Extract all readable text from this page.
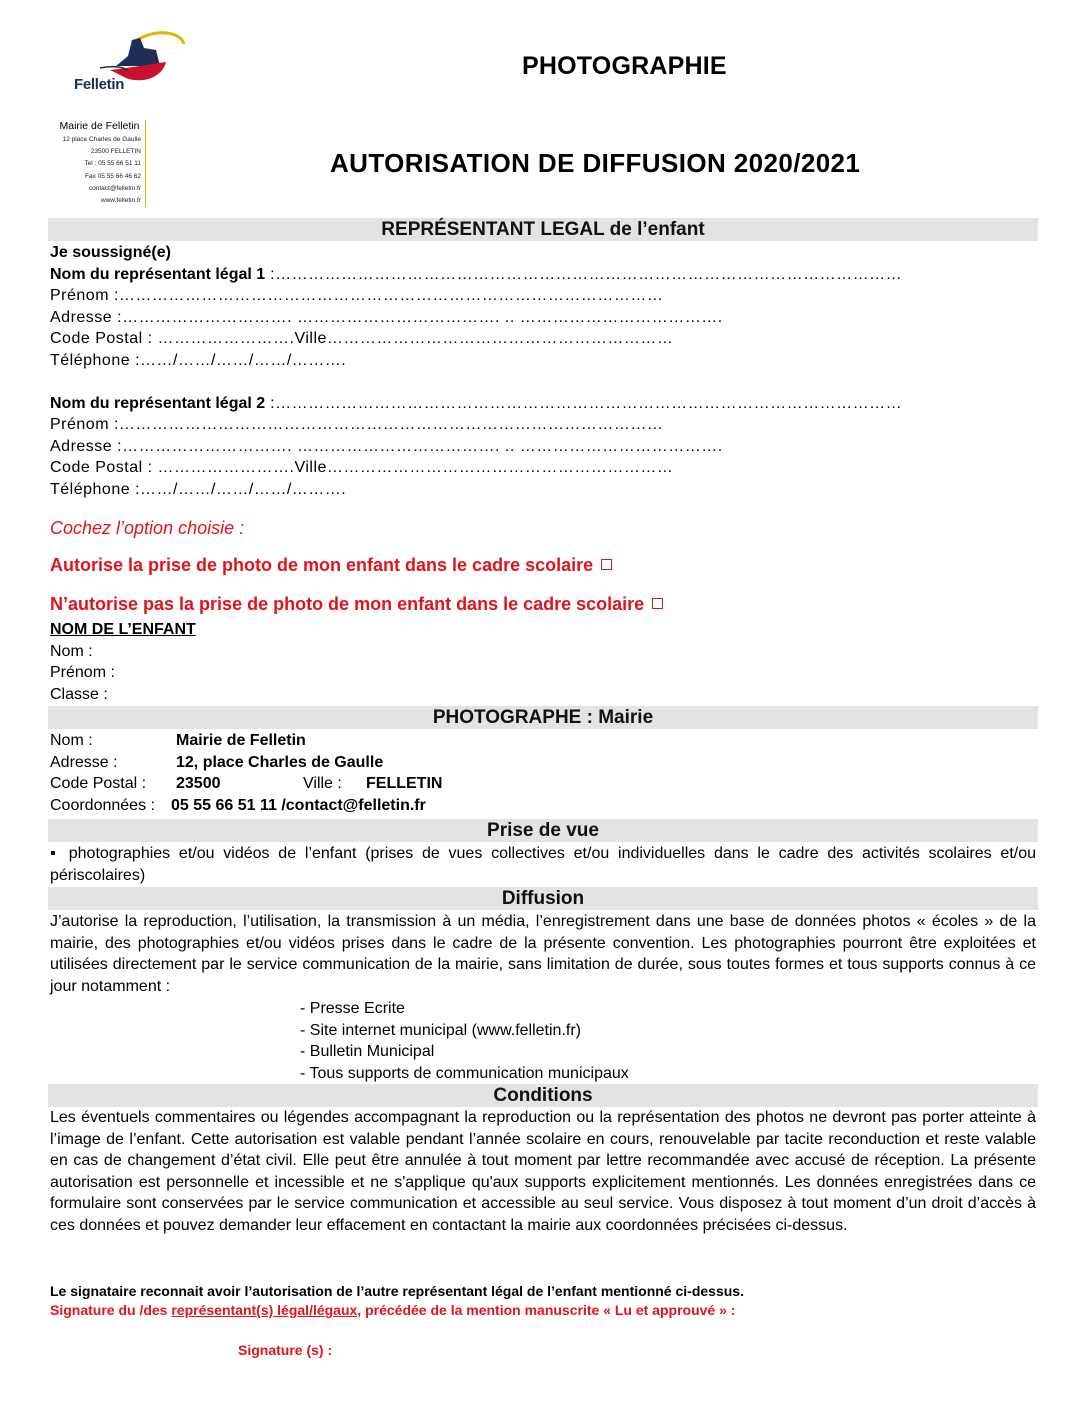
Felletin
Mairie de Felletin
12 place Charles de Gaulle
23500 FELLETIN
Tel : 05 55 66 51 11
Fax 05 55 66 46 62
contact@felletin.fr
www.felletin.fr
PHOTOGRAPHIE
AUTORISATION DE DIFFUSION 2020/2021
REPRÉSENTANT LEGAL de l’enfant
Je soussigné(e)
Nom du représentant légal 1 :……………………………………………………………………………………………………
Prénom :………………………………………………………………………………………
Adresse :…………………………. ………………………………. .. ……………………………….
Code Postal : …………………….Ville………………………………………………………
Téléphone :……/……/……/……/……….
Nom du représentant légal 2 :……………………………………………………………………………………………………
Prénom :………………………………………………………………………………………
Adresse :…………………………. ………………………………. .. ……………………………….
Code Postal : …………………….Ville………………………………………………………
Téléphone :……/……/……/……/……….
Cochez l’option choisie :
Autorise la prise de photo de mon enfant dans le cadre scolaire
N’autorise pas la prise de photo de mon enfant dans le cadre scolaire
NOM DE L’ENFANT
Nom :
Prénom :
Classe :
PHOTOGRAPHE : Mairie
Nom :	Mairie de Felletin
Adresse :	12, place Charles de Gaulle
Code Postal : 23500	Ville : FELLETIN
Coordonnées : 05 55 66 51 11 /contact@felletin.fr
Prise de vue
▪ photographies et/ou vidéos de l’enfant (prises de vues collectives et/ou individuelles dans le cadre des activités scolaires et/ou périscolaires)
Diffusion
J’autorise la reproduction, l’utilisation, la transmission à un média, l’enregistrement dans une base de données photos « écoles » de la mairie, des photographies et/ou vidéos prises dans le cadre de la présente convention. Les photographies pourront être exploitées et utilisées directement par le service communication de la mairie, sans limitation de durée, sous toutes formes et tous supports connus à ce jour notamment :
- Presse Ecrite
- Site internet municipal (www.felletin.fr)
- Bulletin Municipal
- Tous supports de communication municipaux
Conditions
Les éventuels commentaires ou légendes accompagnant la reproduction ou la représentation des photos ne devront pas porter atteinte à l’image de l’enfant. Cette autorisation est valable pendant l’année scolaire en cours, renouvelable par tacite reconduction et reste valable en cas de changement d’état civil. Elle peut être annulée à tout moment par lettre recommandée avec accusé de réception. La présente autorisation est personnelle et incessible et ne s'applique qu'aux supports explicitement mentionnés. Les données enregistrées dans ce formulaire sont conservées par le service communication et accessible au seul service. Vous disposez à tout moment d’un droit d’accès à ces données et pouvez demander leur effacement en contactant la mairie aux coordonnées précisées ci-dessus.
Le signataire reconnait avoir l’autorisation de l’autre représentant légal de l’enfant mentionné ci-dessus.
Signature du /des représentant(s) légal/légaux, précédée de la mention manuscrite « Lu et approuvé » :
Signature (s) :
